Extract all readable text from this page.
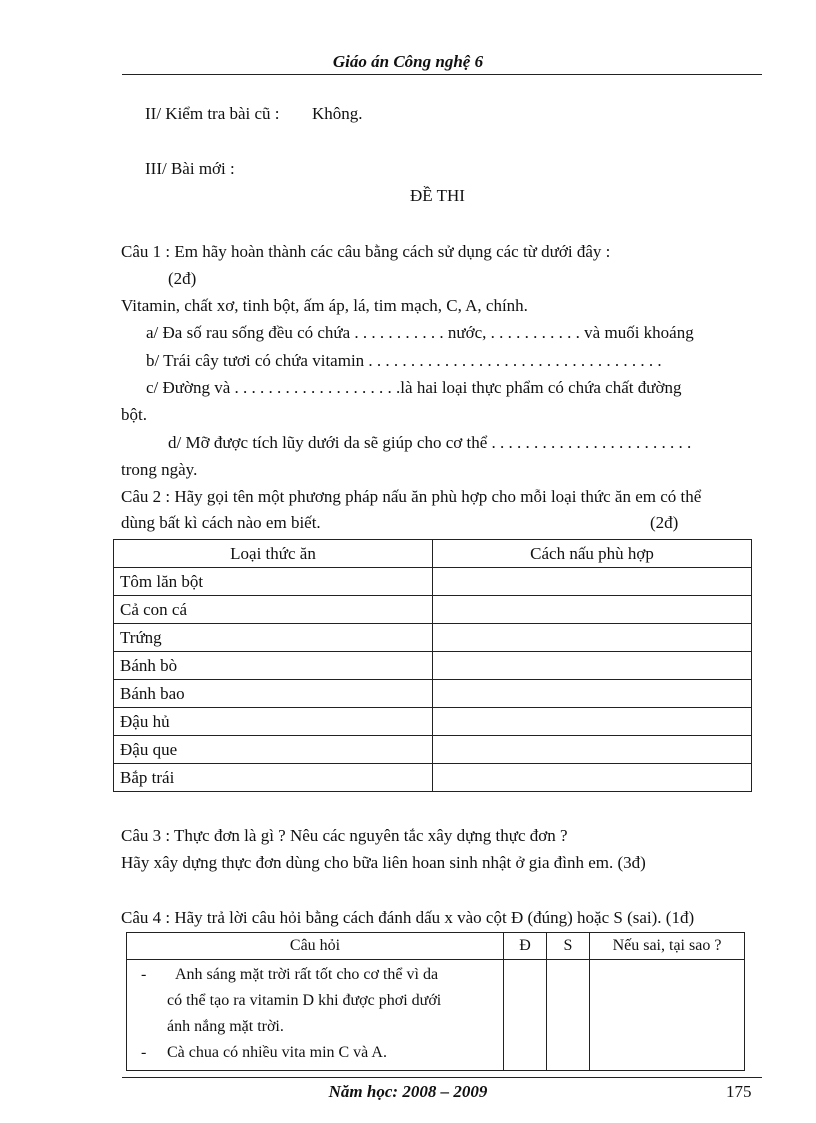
Giáo án Công nghệ 6
II/ Kiểm tra bài cũ : Không.
III/ Bài mới :
ĐỀ THI
Câu 1 : Em hãy hoàn thành các câu bằng cách sử dụng các từ dưới đây :
(2đ)
Vitamin, chất xơ, tinh bột, ấm áp, lá, tim mạch, C, A, chính.
a/ Đa số rau sống đều có chứa . . . . . . . . . . . nước, . . . . . . . . . . . và muối khoáng
b/ Trái cây tươi có chứa vitamin . . . . . . . . . . . . . . . . . . . . . . . . . . . . . . . . . . .
c/ Đường và . . . . . . . . . . . . . . . . . . . .là hai loại thực phẩm có chứa chất đường
bột.
d/ Mỡ được tích lũy dưới da sẽ giúp cho cơ thể . . . . . . . . . . . . . . . . . . . . . . . .
trong ngày.
Câu 2 : Hãy gọi tên một phương pháp nấu ăn phù hợp cho mỗi loại thức ăn em có thể
dùng bất kì cách nào em biết.	(2đ)
Loại thức ăn	Cách nấu phù hợp
Tôm lăn bột	
Cả con cá	
Trứng	
Bánh bò	
Bánh bao	
Đậu hủ	
Đậu que	
Bắp trái	
Câu 3 : Thực đơn là gì ? Nêu các nguyên tắc xây dựng thực đơn ?
Hãy xây dựng thực đơn dùng cho bữa liên hoan sinh nhật ở gia đình em. (3đ)
Câu 4 : Hãy trả lời câu hỏi bằng cách đánh dấu x vào cột Đ (đúng) hoặc S (sai). (1đ)
Câu hỏi	Đ	S	Nếu sai, tại sao ?

- Anh sáng mặt trời rất tốt cho cơ thể vì da
có thể tạo ra vitamin D khi được phơi dưới
ánh nắng mặt trời.
- Cà chua có nhiều vita min C và A.			

Năm học: 2008 – 2009	175
